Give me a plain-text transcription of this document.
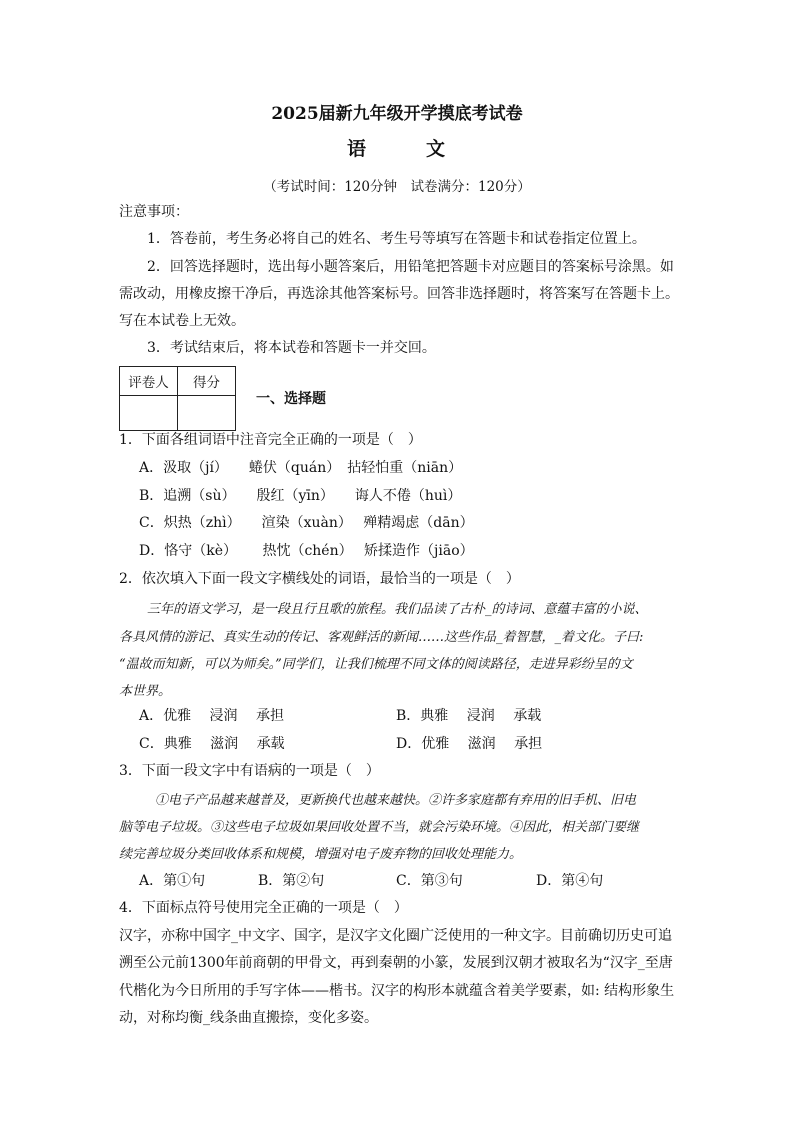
2025届新九年级开学摸底考试卷
语	文
（考试时间：120分钟　试卷满分：120分）
注意事项：
1．答卷前，考生务必将自己的姓名、考生号等填写在答题卡和试卷指定位置上。
2．回答选择题时，选出每小题答案后，用铅笔把答题卡对应题目的答案标号涂黑。如
需改动，用橡皮擦干净后，再选涂其他答案标号。回答非选择题时，将答案写在答题卡上。
写在本试卷上无效。
3．考试结束后，将本试卷和答题卡一并交回。
评卷人	得分

一、选择题
1．下面各组词语中注音完全正确的一项是（　）
A．汲取（jí）　　蜷伏（quán）　拈轻怕重（niān）
B．追溯（sù）　　殷红（yīn）　　诲人不倦（huì）
C．炽热（zhì）　　渲染（xuàn）　 殚精竭虑（dān）
D．恪守（kè）　　 热忱（chén）　 矫揉造作（jiāo）
2．依次填入下面一段文字横线处的词语，最恰当的一项是（　）
三年的语文学习，是一段且行且歌的旅程。我们品读了古朴_的诗词、意蕴丰富的小说、
各具风情的游记、真实生动的传记、客观鲜活的新闻……这些作品_着智慧，_着文化。子曰:
“温故而知新，可以为师矣。”同学们，让我们梳理不同文体的阅读路径，走进异彩纷呈的文
本世界。
A．优雅　 浸润　 承担	B．典雅　 浸润　 承载
C．典雅　 滋润　 承载	D．优雅　 滋润　 承担
3．下面一段文字中有语病的一项是（　）
①电子产品越来越普及，更新换代也越来越快。②许多家庭都有弃用的旧手机、旧电
脑等电子垃圾。③这些电子垃圾如果回收处置不当，就会污染环境。④因此，相关部门要继
续完善垃圾分类回收体系和规模，增强对电子废弃物的回收处理能力。
A．第①句	B．第②句	C．第③句	D．第④句
4．下面标点符号使用完全正确的一项是（　）
汉字，亦称中国字_中文字、国字，是汉字文化圈广泛使用的一种文字。目前确切历史可追
溯至公元前1300年前商朝的甲骨文，再到秦朝的小篆，发展到汉朝才被取名为“汉字_至唐
代楷化为今日所用的手写字体——楷书。汉字的构形本就蕴含着美学要素，如: 结构形象生
动，对称均衡_线条曲直搬捺，变化多姿。
